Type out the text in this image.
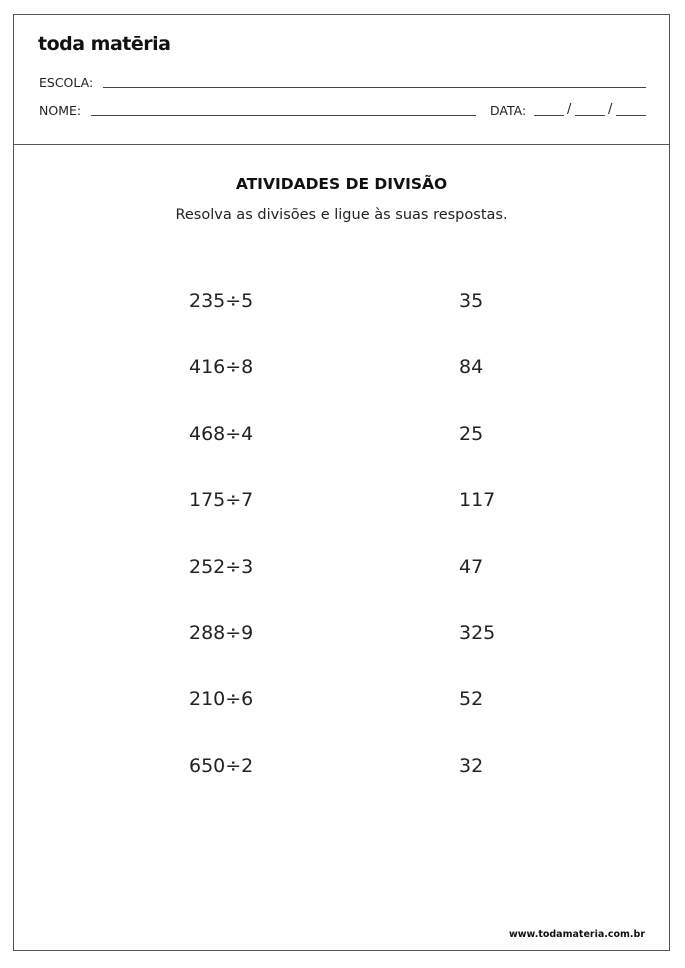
toda matēria
ESCOLA:
NOME:	DATA:	/	/
ATIVIDADES DE DIVISÃO
Resolva as divisões e ligue às suas respostas.
235÷5
416÷8
468÷4
175÷7
252÷3
288÷9
210÷6
650÷2
35
84
25
117
47
325
52
32
www.todamateria.com.br
